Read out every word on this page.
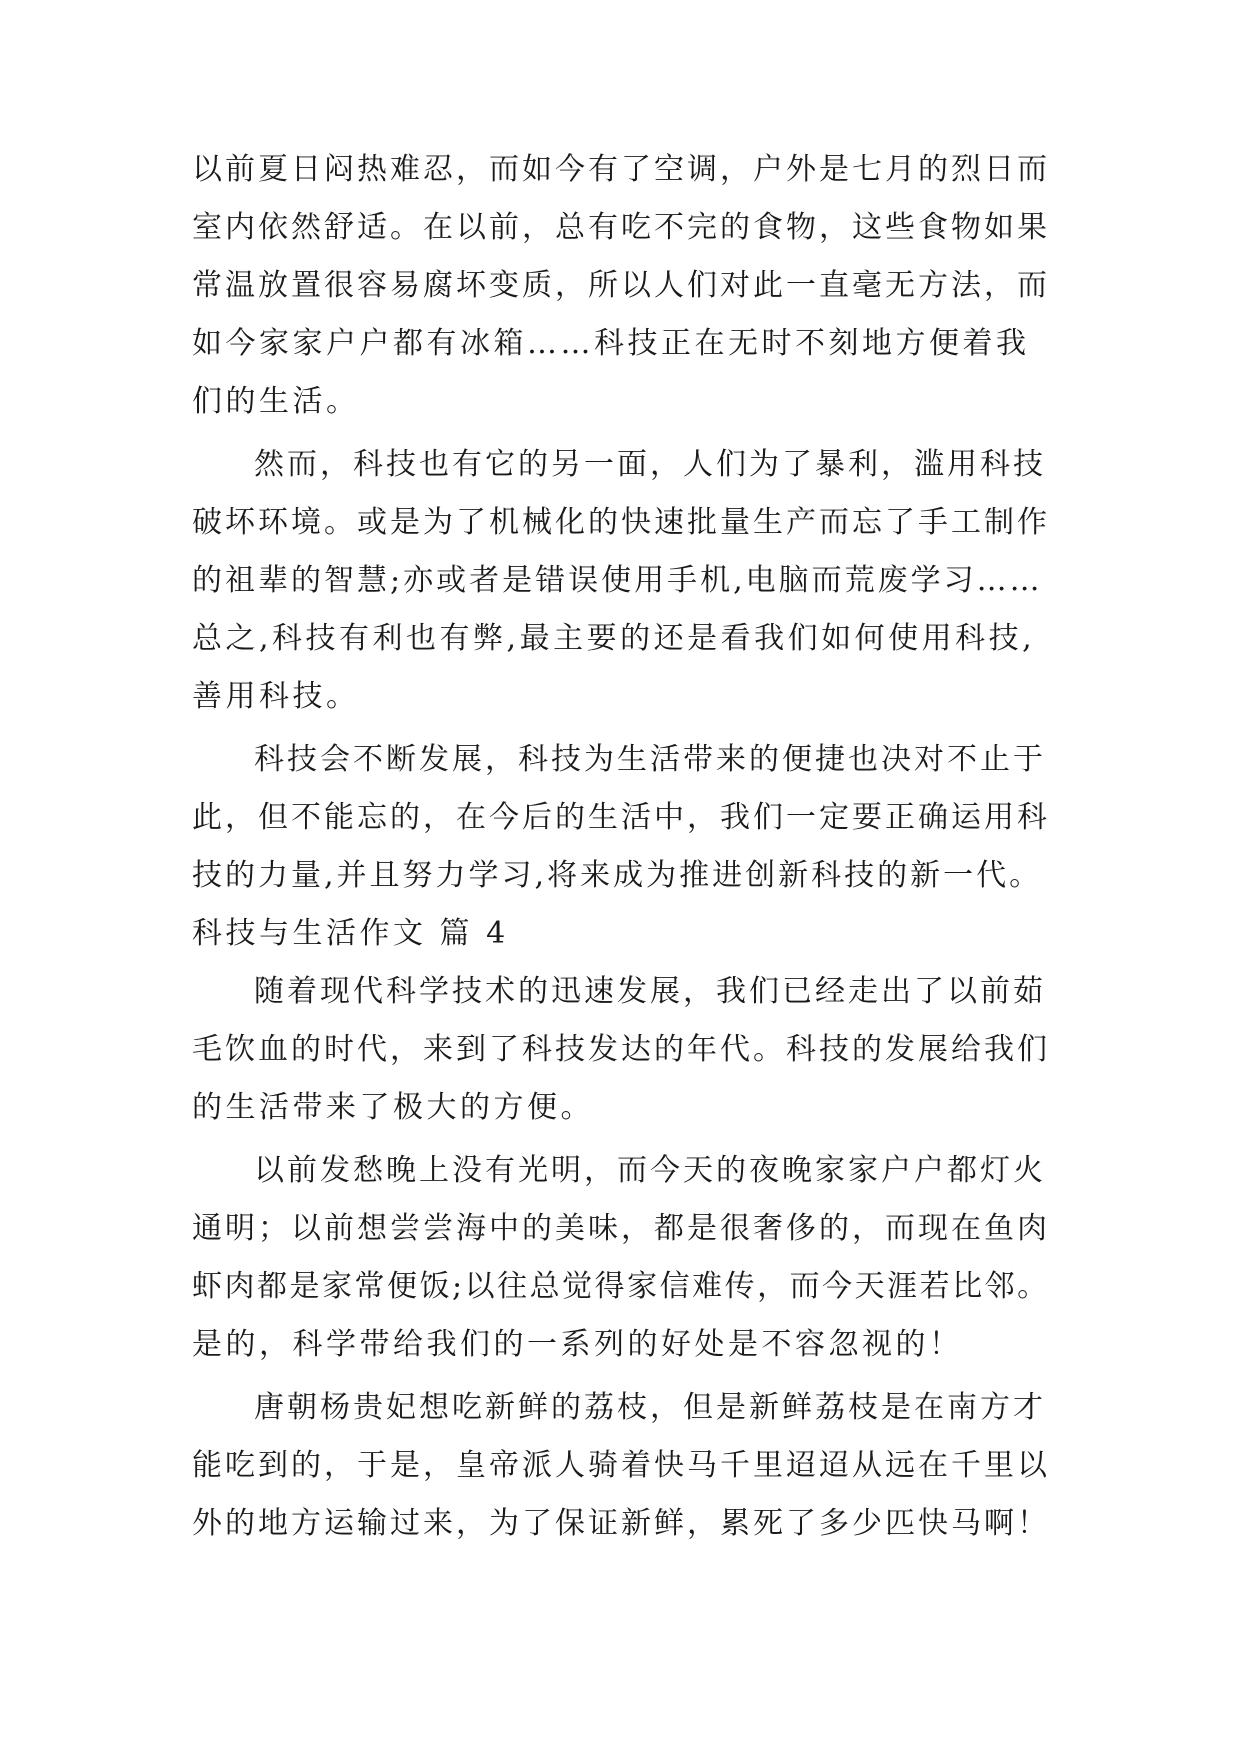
以前夏日闷热难忍，而如今有了空调，户外是七月的烈日而
室内依然舒适。在以前，总有吃不完的食物，这些食物如果
常温放置很容易腐坏变质，所以人们对此一直毫无方法，而
如今家家户户都有冰箱……科技正在无时不刻地方便着我
们的生活。
然而，科技也有它的另一面，人们为了暴利，滥用科技
破坏环境。或是为了机械化的快速批量生产而忘了手工制作
的祖辈的智慧;亦或者是错误使用手机,电脑而荒废学习……
总之,科技有利也有弊,最主要的还是看我们如何使用科技,
善用科技。
科技会不断发展，科技为生活带来的便捷也决对不止于
此，但不能忘的，在今后的生活中，我们一定要正确运用科
技的力量,并且努力学习,将来成为推进创新科技的新一代。
科技与生活作文 篇 4
随着现代科学技术的迅速发展，我们已经走出了以前茹
毛饮血的时代，来到了科技发达的年代。科技的发展给我们
的生活带来了极大的方便。
以前发愁晚上没有光明，而今天的夜晚家家户户都灯火
通明；以前想尝尝海中的美味，都是很奢侈的，而现在鱼肉
虾肉都是家常便饭;以往总觉得家信难传，而今天涯若比邻。
是的，科学带给我们的一系列的好处是不容忽视的！
唐朝杨贵妃想吃新鲜的荔枝，但是新鲜荔枝是在南方才
能吃到的，于是，皇帝派人骑着快马千里迢迢从远在千里以
外的地方运输过来，为了保证新鲜，累死了多少匹快马啊！
